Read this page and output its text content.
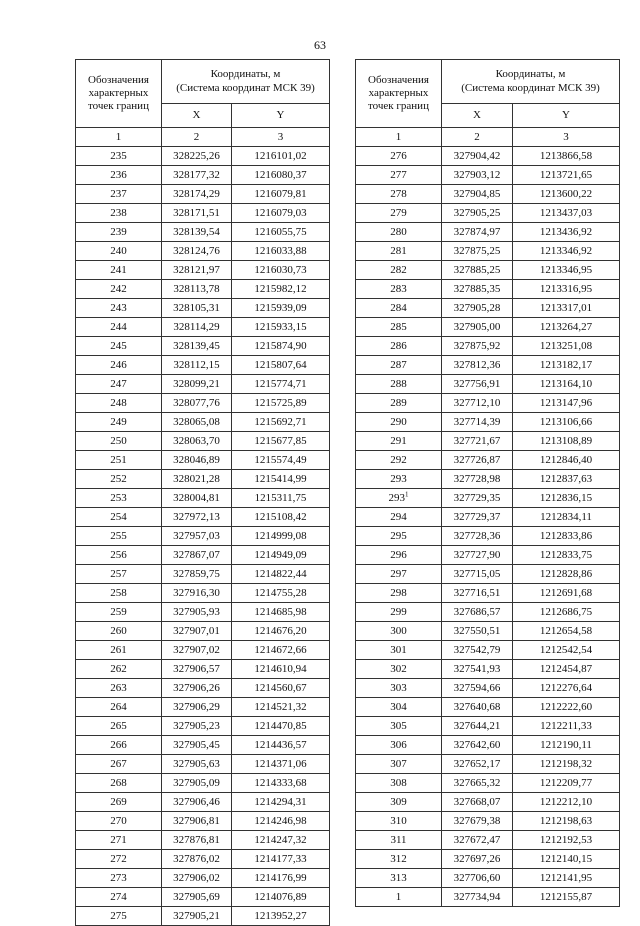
63
Обозначения характерных точек границ	Координаты, м
(Система координат МСК 39)	

	X	Y
1	2	3
235	328225,26	1216101,02
236	328177,32	1216080,37
237	328174,29	1216079,81
238	328171,51	1216079,03
239	328139,54	1216055,75
240	328124,76	1216033,88
241	328121,97	1216030,73
242	328113,78	1215982,12
243	328105,31	1215939,09
244	328114,29	1215933,15
245	328139,45	1215874,90
246	328112,15	1215807,64
247	328099,21	1215774,71
248	328077,76	1215725,89
249	328065,08	1215692,71
250	328063,70	1215677,85
251	328046,89	1215574,49
252	328021,28	1215414,99
253	328004,81	1215311,75
254	327972,13	1215108,42
255	327957,03	1214999,08
256	327867,07	1214949,09
257	327859,75	1214822,44
258	327916,30	1214755,28
259	327905,93	1214685,98
260	327907,01	1214676,20
261	327907,02	1214672,66
262	327906,57	1214610,94
263	327906,26	1214560,67
264	327906,29	1214521,32
265	327905,23	1214470,85
266	327905,45	1214436,57
267	327905,63	1214371,06
268	327905,09	1214333,68
269	327906,46	1214294,31
270	327906,81	1214246,98
271	327876,81	1214247,32
272	327876,02	1214177,33
273	327906,02	1214176,99
274	327905,69	1214076,89
275	327905,21	1213952,27
Обозначения характерных точек границ	Координаты, м
(Система координат МСК 39)	

	X	Y
1	2	3
276	327904,42	1213866,58
277	327903,12	1213721,65
278	327904,85	1213600,22
279	327905,25	1213437,03
280	327874,97	1213436,92
281	327875,25	1213346,92
282	327885,25	1213346,95
283	327885,35	1213316,95
284	327905,28	1213317,01
285	327905,00	1213264,27
286	327875,92	1213251,08
287	327812,36	1213182,17
288	327756,91	1213164,10
289	327712,10	1213147,96
290	327714,39	1213106,66
291	327721,67	1213108,89
292	327726,87	1212846,40
293	327728,98	1212837,63
$293^1$	327729,35	1212836,15
294	327729,37	1212834,11
295	327728,36	1212833,86
296	327727,90	1212833,75
297	327715,05	1212828,86
298	327716,51	1212691,68
299	327686,57	1212686,75
300	327550,51	1212654,58
301	327542,79	1212542,54
302	327541,93	1212454,87
303	327594,66	1212276,64
304	327640,68	1212222,60
305	327644,21	1212211,33
306	327642,60	1212190,11
307	327652,17	1212198,32
308	327665,32	1212209,77
309	327668,07	1212212,10
310	327679,38	1212198,63
311	327672,47	1212192,53
312	327697,26	1212140,15
313	327706,60	1212141,95
1	327734,94	1212155,87
